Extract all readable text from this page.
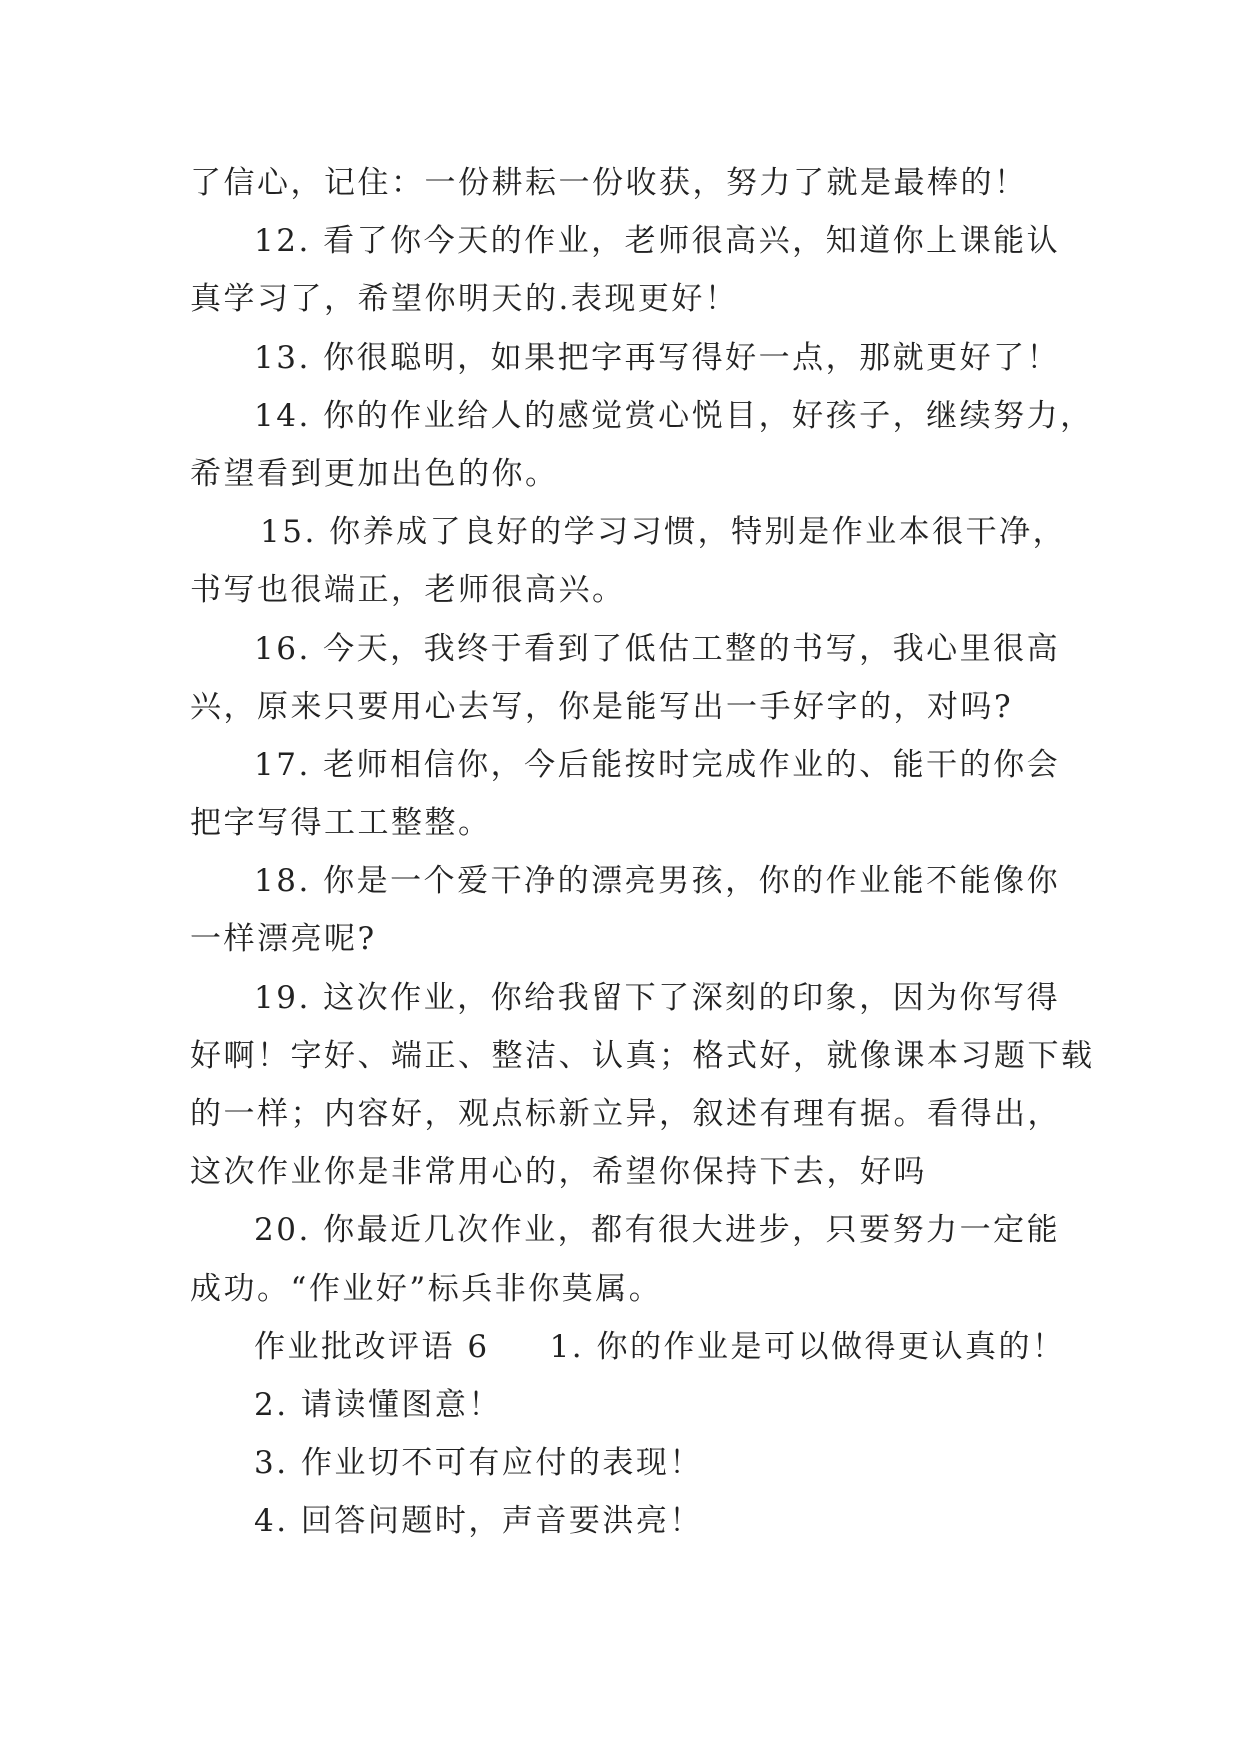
了信心，记住：一份耕耘一份收获，努力了就是最棒的！
12. 看了你今天的作业，老师很高兴，知道你上课能认
真学习了，希望你明天的.表现更好！
13. 你很聪明，如果把字再写得好一点，那就更好了！
14. 你的作业给人的感觉赏心悦目，好孩子，继续努力，
希望看到更加出色的你。
15. 你养成了良好的学习习惯，特别是作业本很干净，
书写也很端正，老师很高兴。
16. 今天，我终于看到了低估工整的书写，我心里很高
兴，原来只要用心去写，你是能写出一手好字的，对吗?
17. 老师相信你，今后能按时完成作业的、能干的你会
把字写得工工整整。
18. 你是一个爱干净的漂亮男孩，你的作业能不能像你
一样漂亮呢?
19. 这次作业，你给我留下了深刻的印象，因为你写得
好啊！字好、端正、整洁、认真；格式好，就像课本习题下载
的一样；内容好，观点标新立异，叙述有理有据。看得出，
这次作业你是非常用心的，希望你保持下去，好吗
20. 你最近几次作业，都有很大进步，只要努力一定能
成功。“作业好”标兵非你莫属。
作业批改评语 6 1. 你的作业是可以做得更认真的！
2. 请读懂图意！
3. 作业切不可有应付的表现！
4. 回答问题时，声音要洪亮！
